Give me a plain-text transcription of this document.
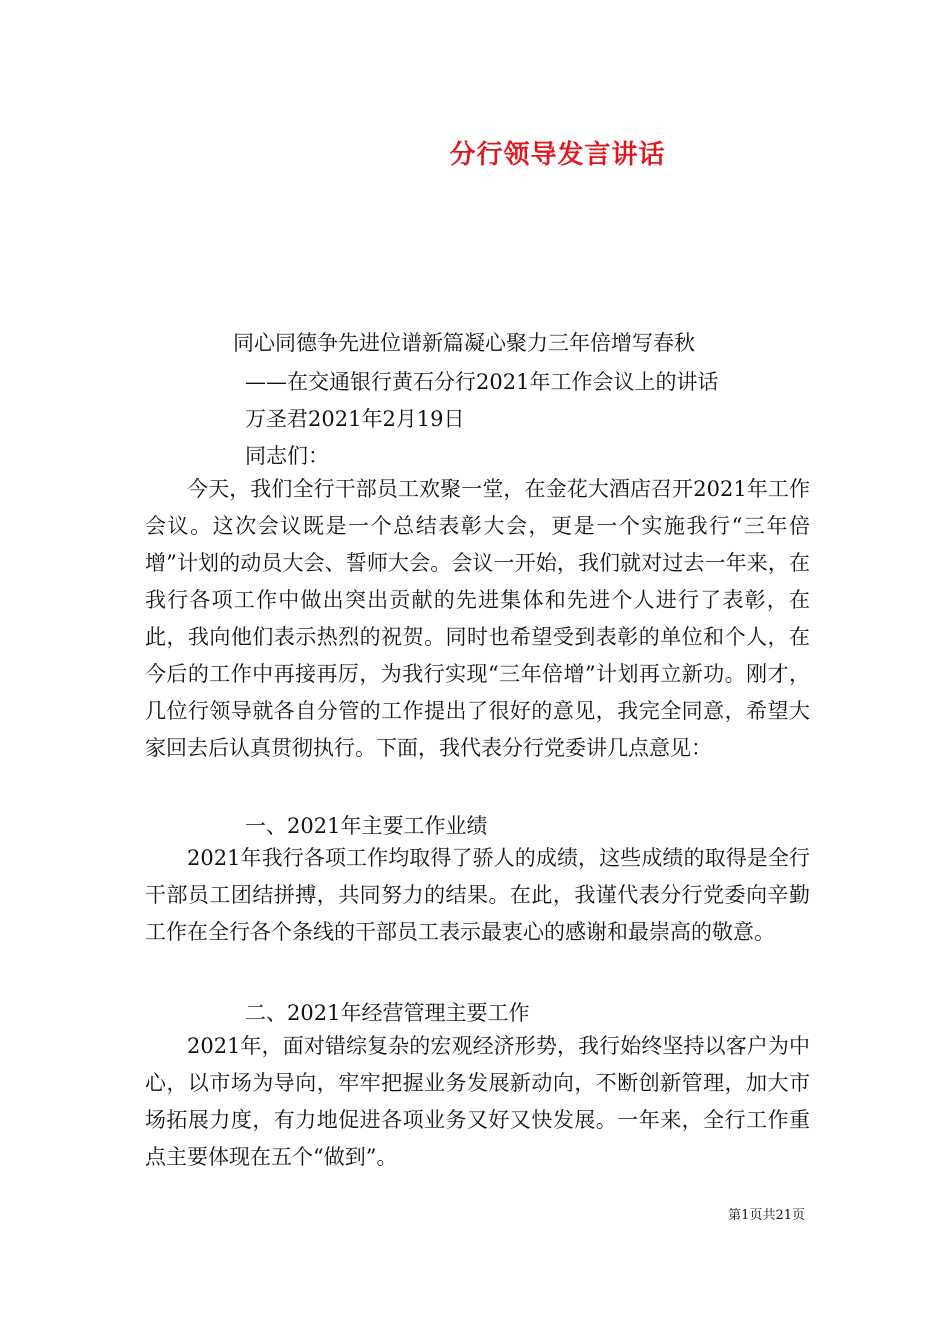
分行领导发言讲话
同心同德争先进位谱新篇凝心聚力三年倍增写春秋
——在交通银行黄石分行2021年工作会议上的讲话
万圣君2021年2月19日
同志们：

今天，我们全行干部员工欢聚一堂，在金花大酒店召开2021年工作会议。这次会议既是一个总结表彰大会，更是一个实施我行“三年倍增”计划的动员大会、誓师大会。会议一开始，我们就对过去一年来，在我行各项工作中做出突出贡献的先进集体和先进个人进行了表彰，在此，我向他们表示热烈的祝贺。同时也希望受到表彰的单位和个人，在今后的工作中再接再厉，为我行实现“三年倍增”计划再立新功。刚才，几位行领导就各自分管的工作提出了很好的意见，我完全同意，希望大家回去后认真贯彻执行。下面，我代表分行党委讲几点意见：

一、2021年主要工作业绩

2021年我行各项工作均取得了骄人的成绩，这些成绩的取得是全行干部员工团结拼搏，共同努力的结果。在此，我谨代表分行党委向辛勤工作在全行各个条线的干部员工表示最衷心的感谢和最崇高的敬意。

二、2021年经营管理主要工作

2021年，面对错综复杂的宏观经济形势，我行始终坚持以客户为中心，以市场为导向，牢牢把握业务发展新动向，不断创新管理，加大市场拓展力度，有力地促进各项业务又好又快发展。一年来，全行工作重点主要体现在五个“做到”。

第1页共21页
